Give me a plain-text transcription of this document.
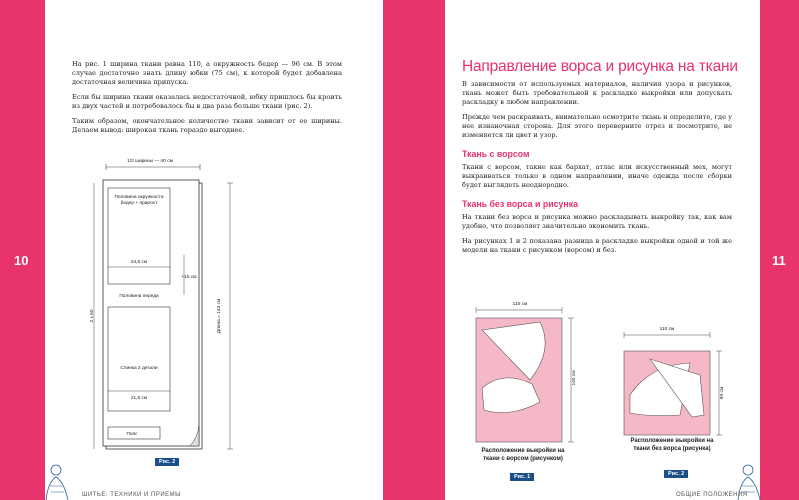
10	11

На рис. 1 ширина ткани равна 110, а окружность бедер — 96 см. В этом случае достаточно знать длину юбки (75 см), к которой будет добавлена достаточная величина припуска.

Если бы ширина ткани оказалась недостаточной, юбку пришлось бы кроить из двух частей и потребовалось бы в два раза больше ткани (рис. 2).

Таким образом, окончательное количество ткани зависит от ее ширины. Делаем вывод: широкая ткань гораздо выгоднее.

1/2 ширины — 40 см
Половина окружности бедер + прирост
24,5 см
+15 см
Половина переда
Спинка 2 детали
21,5 см
Пояс
2 х 60	Длина = 143 см
Рис. 2
ШИТЬЕ: ТЕХНИКИ И ПРИЕМЫ
Направление ворса и рисунка на ткани

В зависимости от используемых материалов, наличия узора и рисунков, ткань может быть требовательной к раскладке выкройки или допускать раскладку в любом направлении.

Прежде чем раскраивать, внимательно осмотрите ткань и определите, где у нее изнаночная сторона. Для этого переверните отрез и посмотрите, не изменяется ли цвет и узор.

Ткань с ворсом

Ткани с ворсом, такие как бархат, атлас или искусственный мех, могут выкраиваться только в одном направлении, иначе одежда после сборки будет выглядеть неоднородно.

Ткань без ворса и рисунка

На ткани без ворса и рисунка можно раскладывать выкройку так, как вам удобно, что позволяет значительно экономить ткань.

На рисунках 1 и 2 показана разница в раскладке выкройки одной и той же модели на ткани с рисунком (ворсом) и без.

110 см
140 см
Расположение выкройки на ткани с ворсом (рисунком)
Рис. 1
110 см
90 см
Расположение выкройки на ткани без ворса (рисунка)
Рис. 2
ОБЩИЕ ПОЛОЖЕНИЯ
